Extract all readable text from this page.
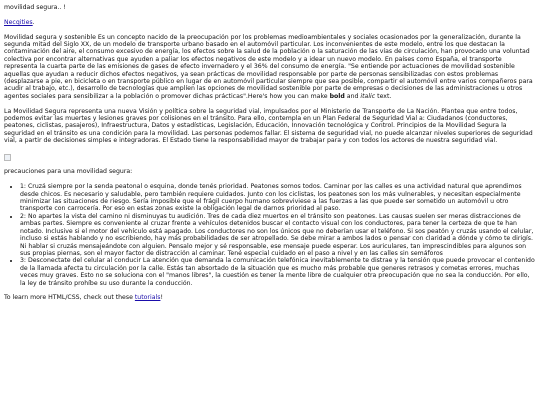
movilidad segura.. !

Necqities.

Movilidad segura y sostenible Es un concepto nacido de la preocupación por los problemas medioambientales y sociales ocasionados por la generalización, durante la segunda mitad del Siglo XX, de un modelo de transporte urbano basado en el automóvil particular. Los inconvenientes de este modelo, entre los que destacan la contaminación del aire, el consumo excesivo de energía, los efectos sobre la salud de la población o la saturación de las vías de circulación, han provocado una voluntad colectiva por encontrar alternativas que ayuden a paliar los efectos negativos de este modelo y a idear un nuevo modelo. En países como España, el transporte representa la cuarta parte de las emisiones de gases de efecto invernadero y el 36% del consumo de energía. "Se entiende por actuaciones de movilidad sostenible aquellas que ayudan a reducir dichos efectos negativos, ya sean prácticas de movilidad responsable por parte de personas sensibilizadas con estos problemas (desplazarse a pie, en bicicleta o en transporte público en lugar de en automóvil particular siempre que sea posible, compartir el automóvil entre varios compañeros para acudir al trabajo, etc.), desarrollo de tecnologías que amplíen las opciones de movilidad sostenible por parte de empresas o decisiones de las administraciones u otros agentes sociales para sensibilizar a la población o promover dichas prácticas".Here's how you can make bold and italic text.

La Movilidad Segura representa una nueva Visión y política sobre la seguridad vial, impulsados por el Ministerio de Transporte de La Nación. Plantea que entre todos, podemos evitar las muertes y lesiones graves por colisiones en el tránsito. Para ello, contempla en un Plan Federal de Seguridad Vial a: Ciudadanos (conductores, peatones, ciclistas, pasajeros), Infraestructura, Datos y estadísticas, Legislación, Educación, Innovación tecnológica y Control. Principios de la Movilidad Segura la seguridad en el tránsito es una condición para la movilidad. Las personas podemos fallar. El sistema de seguridad vial, no puede alcanzar niveles superiores de seguridad vial, a partir de decisiones simples e integradoras. El Estado tiene la responsabilidad mayor de trabajar para y con todos los actores de nuestra seguridad vial.

precauciones para una movilidad segura:

• 1: Cruzá siempre por la senda peatonal o esquina, donde tenés prioridad. Peatones somos todos. Caminar por las calles es una actividad natural que aprendimos desde chicos. Es necesario y saludable, pero también requiere cuidados. Junto con los ciclistas, los peatones son los más vulnerables, y necesitan especialmente minimizar las situaciones de riesgo. Sería imposible que el frágil cuerpo humano sobreviviese a las fuerzas a las que puede ser sometido un automóvil u otro transporte con carrocería. Por eso en estas zonas existe la obligación legal de darnos prioridad al paso.
• 2: No apartes la vista del camino ni disminuyas tu audición. Tres de cada diez muertos en el tránsito son peatones. Las causas suelen ser meras distracciones de ambas partes. Siempre es conveniente al cruzar frente a vehículos detenidos buscar el contacto visual con los conductores, para tener la certeza de que te han notado. Inclusive si el motor del vehículo está apagado. Los conductores no son los únicos que no deberían usar el teléfono. Si sos peatón y cruzás usando el celular, incluso si estás hablando y no escribiendo, hay más probabilidades de ser atropellado. Se debe mirar a ambos lados o pensar con claridad a dónde y cómo te dirigís. Ni hablar si cruzás mensajeándote con alguien. Pensalo mejor y sé responsable, ese mensaje puede esperar. Los auriculares, tan imprescindibles para algunos son sus propias piernas, son el mayor factor de distracción al caminar. Tené especial cuidado en el paso a nivel y en las calles sin semáforos
• 3: Desconectate del celular al conducir La atención que demanda la comunicación telefónica inevitablemente te distrae y la tensión que puede provocar el contenido de la llamada afecta tu circulación por la calle. Estás tan absortado de la situación que es mucho más probable que generes retrasos y cometas errores, muchas veces muy graves. Esto no se soluciona con el "manos libres", la cuestión es tener la mente libre de cualquier otra preocupación que no sea la conducción. Por ello, la ley de tránsito prohíbe su uso durante la conducción.

To learn more HTML/CSS, check out these tutorials!
